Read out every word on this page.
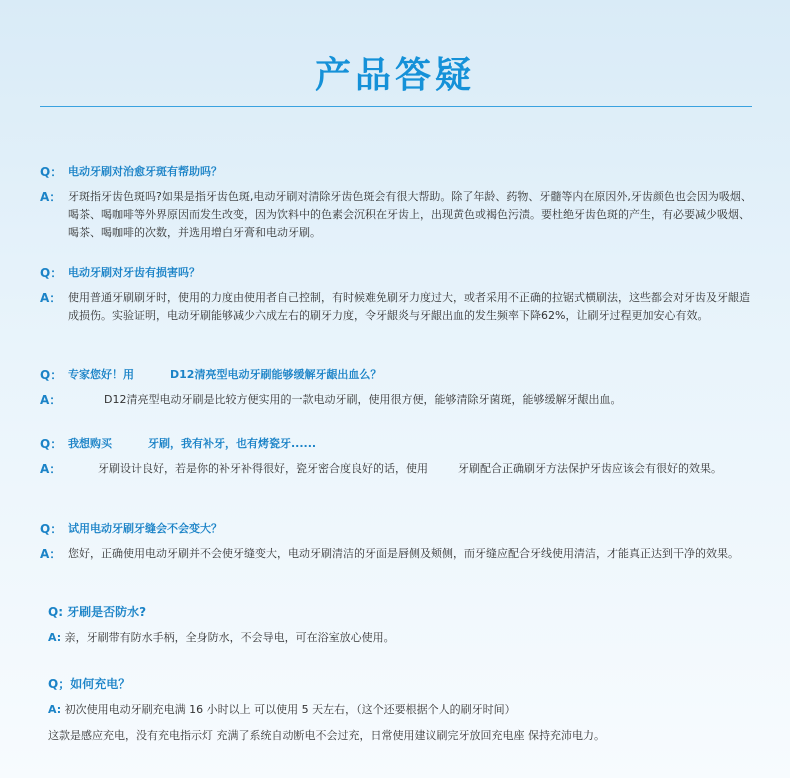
产品答疑
Q： 电动牙刷对治愈牙斑有帮助吗？
A： 牙斑指牙齿色斑吗?如果是指牙齿色斑,电动牙刷对清除牙齿色斑会有很大帮助。除了年龄、药物、牙髓等内在原因外,牙齿颜色也会因为吸烟、喝茶、喝咖啡等外界原因而发生改变，因为饮料中的色素会沉积在牙齿上，出现黄色或褐色污渍。要杜绝牙齿色斑的产生，有必要减少吸烟、喝茶、喝咖啡的次数，并选用增白牙膏和电动牙刷。
Q： 电动牙刷对牙齿有损害吗？
A： 使用普通牙刷刷牙时，使用的力度由使用者自己控制，有时候难免刷牙力度过大，或者采用不正确的拉锯式横刷法，这些都会对牙齿及牙龈造成损伤。实验证明，电动牙刷能够减少六成左右的刷牙力度，令牙龈炎与牙龈出血的发生频率下降62%，让刷牙过程更加安心有效。
Q： 专家您好！用	D12清亮型电动牙刷能够缓解牙龈出血么？
A：	D12清亮型电动牙刷是比较方便实用的一款电动牙刷，使用很方便，能够清除牙菌斑，能够缓解牙龈出血。
Q： 我想购买	牙刷，我有补牙，也有烤瓷牙......
A：	牙刷设计良好，若是你的补牙补得很好，瓷牙密合度良好的话，使用	牙刷配合正确刷牙方法保护牙齿应该会有很好的效果。
Q： 试用电动牙刷牙缝会不会变大？
A： 您好，正确使用电动牙刷并不会使牙缝变大，电动牙刷清洁的牙面是唇侧及颊侧，而牙缝应配合牙线使用清洁，才能真正达到干净的效果。
Q: 牙刷是否防水?
A: 亲，牙刷带有防水手柄，全身防水，不会导电，可在浴室放心使用。
Q；如何充电？
A: 初次使用电动牙刷充电满 16 小时以上 可以使用 5 天左右，（这个还要根据个人的刷牙时间）
这款是感应充电，没有充电指示灯 充满了系统自动断电不会过充，日常使用建议刷完牙放回充电座 保持充沛电力。
